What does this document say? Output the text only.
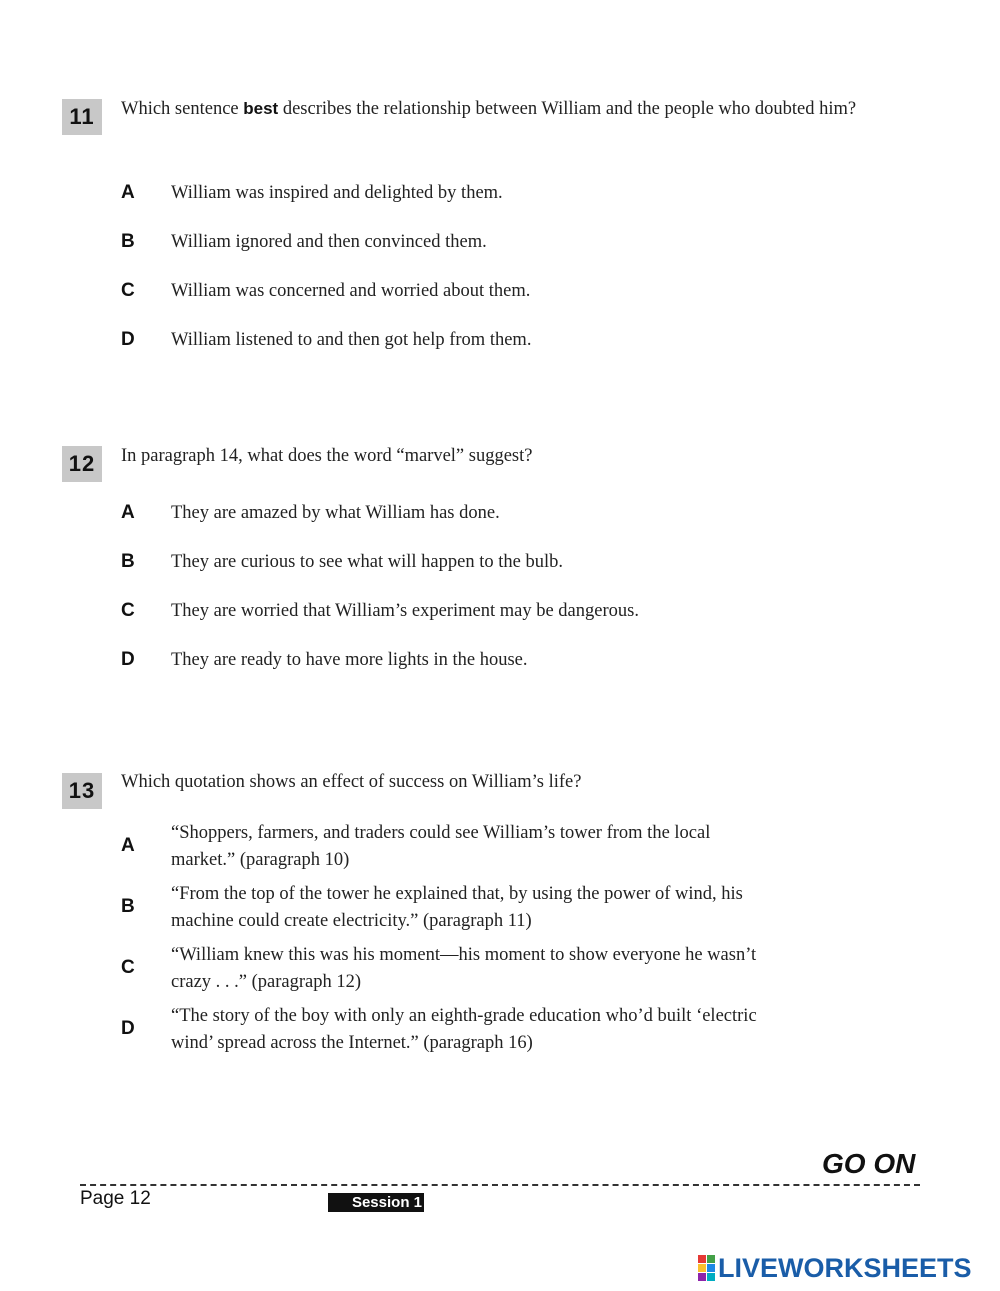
11	Which sentence best describes the relationship between William and the people who doubted him?
A	William was inspired and delighted by them.
B	William ignored and then convinced them.
C	William was concerned and worried about them.
D	William listened to and then got help from them.
12	In paragraph 14, what does the word “marvel” suggest?
A	They are amazed by what William has done.
B	They are curious to see what will happen to the bulb.
C	They are worried that William’s experiment may be dangerous.
D	They are ready to have more lights in the house.
13	Which quotation shows an effect of success on William’s life?
A
“Shoppers, farmers, and traders could see William’s tower from the local market.” (paragraph 10)
B
“From the top of the tower he explained that, by using the power of wind, his machine could create electricity.” (paragraph 11)
C
“William knew this was his moment—his moment to show everyone he wasn’t crazy . . .” (paragraph 12)
D
“The story of the boy with only an eighth-grade education who’d built ‘electric wind’ spread across the Internet.” (paragraph 16)
GO ON
Page 12	Session 1
LIVEWORKSHEETS
